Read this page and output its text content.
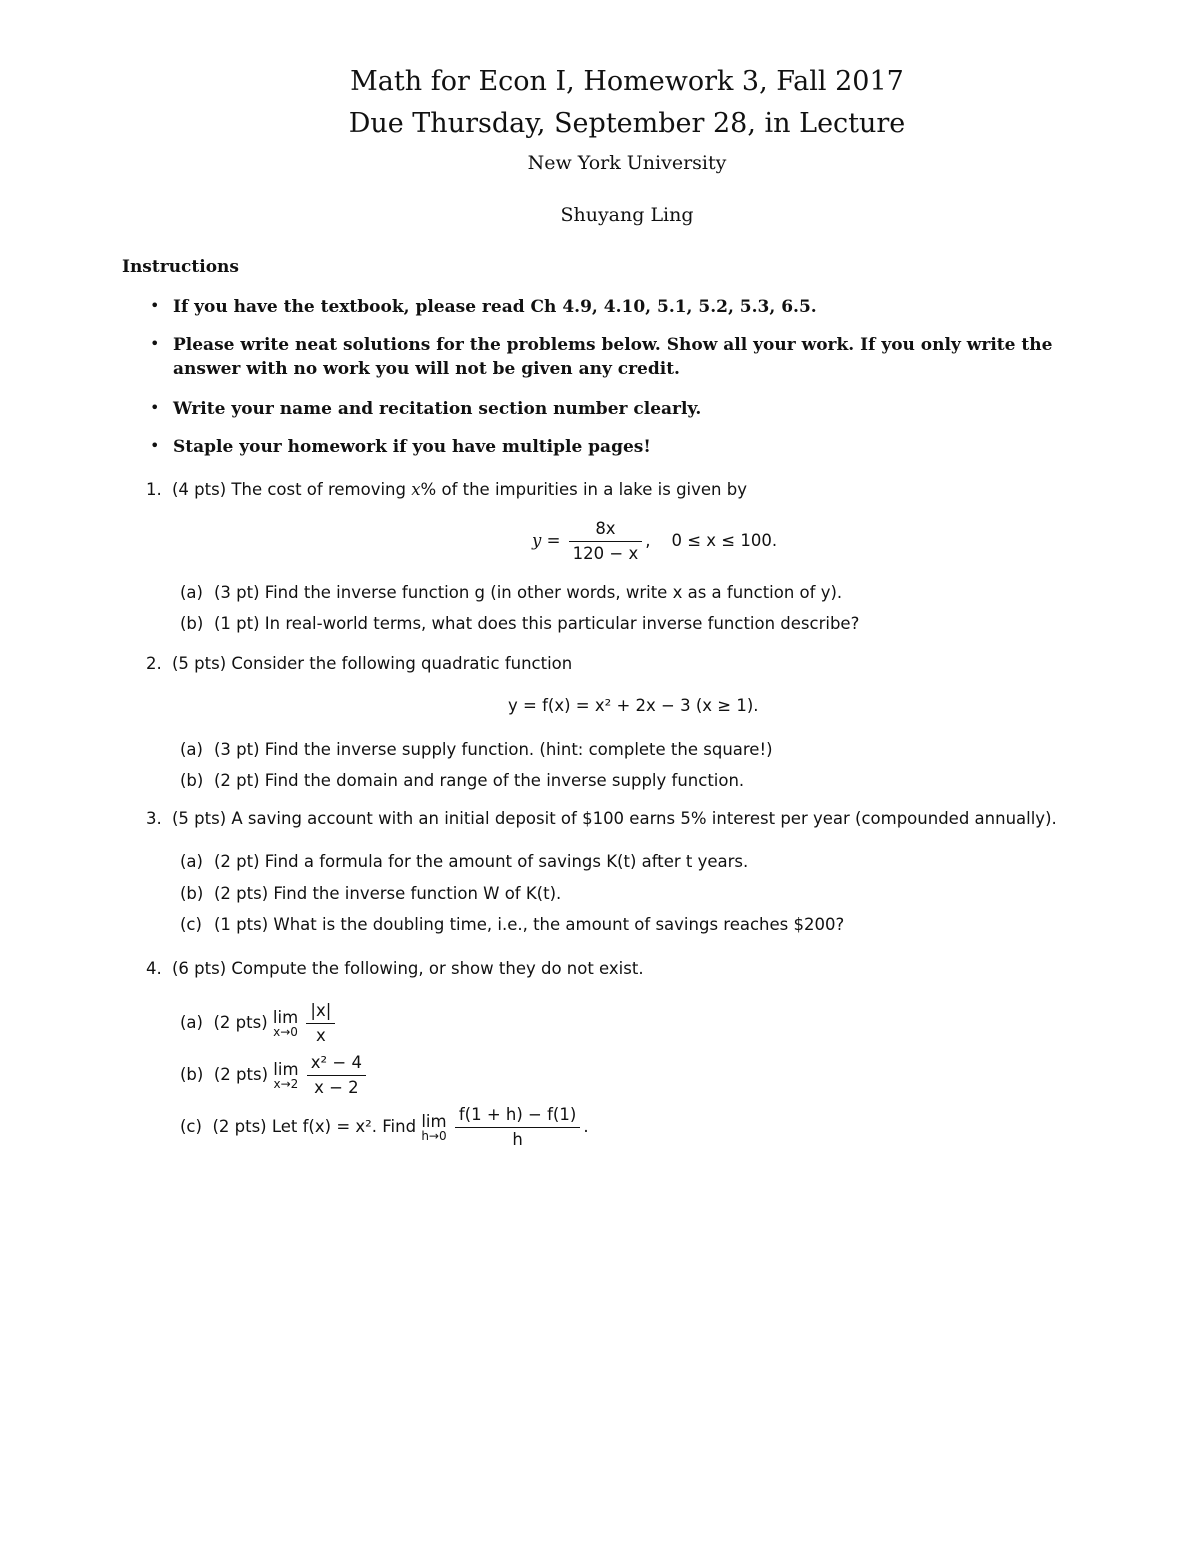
Math for Econ I, Homework 3, Fall 2017
Due Thursday, September 28, in Lecture
New York University
Shuyang Ling
Instructions
• If you have the textbook, please read Ch 4.9, 4.10, 5.1, 5.2, 5.3, 6.5.
• Please write neat solutions for the problems below. Show all your work. If you only write the
answer with no work you will not be given any credit.
• Write your name and recitation section number clearly.
• Staple your homework if you have multiple pages!
1. (4 pts) The cost of removing x% of the impurities in a lake is given by
$y = \frac{8x}{120 - x}$ ,    0 ≤ x ≤ 100.
(a) (3 pt) Find the inverse function g (in other words, write x as a function of y).
(b) (1 pt) In real-world terms, what does this particular inverse function describe?
2. (5 pts) Consider the following quadratic function
y = f(x) = x² + 2x − 3 (x ≥ 1).
(a) (3 pt) Find the inverse supply function. (hint: complete the square!)
(b) (2 pt) Find the domain and range of the inverse supply function.
3. (5 pts) A saving account with an initial deposit of $100 earns 5% interest per year (compounded annually).
(a) (2 pt) Find a formula for the amount of savings K(t) after t years.
(b) (2 pts) Find the inverse function W of K(t).
(c) (1 pts) What is the doubling time, i.e., the amount of savings reaches $200?
4. (6 pts) Compute the following, or show they do not exist.
(a) (2 pts) lim
x→0
$\frac{|x|}{x}$
(b) (2 pts) lim
x→2
$\frac{\text{x² − 4}}{x - 2}$
(c) (2 pts) Let f(x) = x². Find lim
h→0
$\frac{f(1 + h) - f(1)}{h}$ .
